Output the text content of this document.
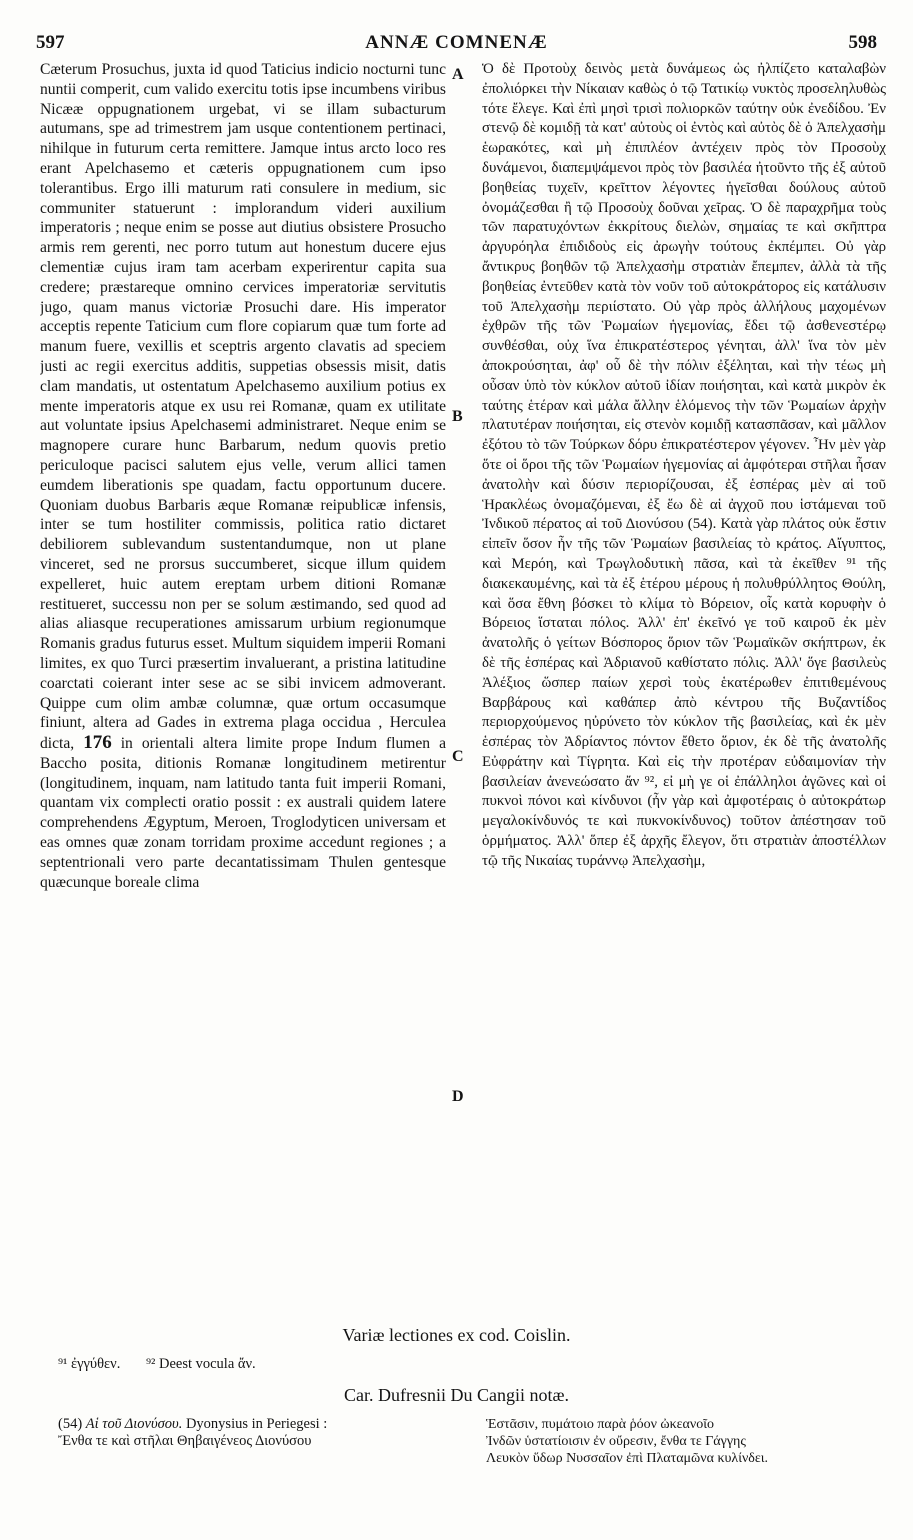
597	ANNÆ COMNENÆ	598

Cæterum Prosuchus, juxta id quod Taticius indicio nocturni tunc nuntii comperit, cum valido exercitu totis ipse incumbens viribus Nicææ oppugnationem urgebat, vi se illam subacturum autumans, spe ad trimestrem jam usque contentionem pertinaci, nihilque in futurum certa remittere. Jamque intus arcto loco res erant Apelchasemo et cæteris oppugnationem cum ipso tolerantibus. Ergo illi maturum rati consulere in medium, sic communiter statuerunt : implorandum videri auxilium imperatoris ; neque enim se posse aut diutius obsistere Prosucho armis rem gerenti, nec porro tutum aut honestum ducere ejus clementiæ cujus iram tam acerbam experirentur capita sua credere; præstareque omnino cervices imperatoriæ servitutis jugo, quam manus victoriæ Prosuchi dare. His imperator acceptis repente Taticium cum flore copiarum quæ tum forte ad manum fuere, vexillis et sceptris argento clavatis ad speciem justi ac regii exercitus additis, suppetias obsessis misit, datis clam mandatis, ut ostentatum Apelchasemo auxilium potius ex mente imperatoris atque ex usu rei Romanæ, quam ex utilitate aut voluntate ipsius Apelchasemi administraret. Neque enim se magnopere curare hunc Barbarum, nedum quovis pretio periculoque pacisci salutem ejus velle, verum allici tamen eumdem liberationis spe quadam, factu opportunum ducere. Quoniam duobus Barbaris æque Romanæ reipublicæ infensis, inter se tum hostiliter commissis, politica ratio dictaret debiliorem sublevandum sustentandumque, non ut plane vinceret, sed ne prorsus succumberet, sicque illum quidem expelleret, huic autem ereptam urbem ditioni Romanæ restitueret, successu non per se solum æstimando, sed quod ad alias aliasque recuperationes amissarum urbium regionumque Romanis gradus futurus esset. Multum siquidem imperii Romani limites, ex quo Turci præsertim invaluerant, a pristina latitudine coarctati coierant inter sese ac se sibi invicem admoverant. Quippe cum olim ambæ columnæ, quæ ortum occasumque finiunt, altera ad Gades in extrema plaga occidua , Herculea dicta, 176 in orientali altera limite prope Indum flumen a Baccho posita, ditionis Romanæ longitudinem metirentur (longitudinem, inquam, nam latitudo tanta fuit imperii Romani, quantam vix complecti oratio possit : ex australi quidem latere comprehendens Ægyptum, Meroen, Troglodyticen universam et eas omnes quæ zonam torridam proxime accedunt regiones ; a septentrionali vero parte decantatissimam Thulen gentesque quæcunque boreale clima

A
B
C
D

Ὁ δὲ Προτοὺχ δεινὸς μετὰ δυνάμεως ὡς ἠλπίζετο καταλαβὼν ἐπολιόρκει τὴν Νίκαιαν καθὼς ὁ τῷ Τατικίῳ νυκτὸς προσεληλυθὼς τότε ἔλεγε. Καὶ ἐπὶ μησὶ τρισὶ πολιορκῶν ταύτην οὐκ ἐνεδίδου. Ἐν στενῷ δὲ κομιδῇ τὰ κατ' αὐτοὺς οἱ ἐντὸς καὶ αὐτὸς δὲ ὁ Ἀπελχασὴμ ἑωρακότες, καὶ μὴ ἐπιπλέον ἀντέχειν πρὸς τὸν Προσοὺχ δυνάμενοι, διαπεμψάμενοι πρὸς τὸν βασιλέα ἠτοῦντο τῆς ἐξ αὐτοῦ βοηθείας τυχεῖν, κρεῖττον λέγοντες ἡγεῖσθαι δούλους αὐτοῦ ὀνομάζεσθαι ἢ τῷ Προσοὺχ δοῦναι χεῖρας. Ὁ δὲ παραχρῆμα τοὺς τῶν παρατυχόντων ἐκκρίτους διελὼν, σημαίας τε καὶ σκῆπτρα ἀργυρόηλα ἐπιδιδοὺς εἰς ἀρωγὴν τούτους ἐκπέμπει. Οὐ γὰρ ἄντικρυς βοηθῶν τῷ Ἀπελχασὴμ στρατιὰν ἔπεμπεν, ἀλλὰ τὰ τῆς βοηθείας ἐντεῦθεν κατὰ τὸν νοῦν τοῦ αὐτοκράτορος εἰς κατάλυσιν τοῦ Ἀπελχασὴμ περιίστατο. Οὐ γὰρ πρὸς ἀλλήλους μαχομένων ἐχθρῶν τῆς τῶν Ῥωμαίων ἡγεμονίας, ἔδει τῷ ἀσθενεστέρῳ συνθέσθαι, οὐχ ἵνα ἐπικρατέστερος γένηται, ἀλλ' ἵνα τὸν μὲν ἀποκρούσηται, ἀφ' οὗ δὲ τὴν πόλιν ἐξέληται, καὶ τὴν τέως μὴ οὖσαν ὑπὸ τὸν κύκλον αὐτοῦ ἰδίαν ποιήσηται, καὶ κατὰ μικρὸν ἐκ ταύτης ἑτέραν καὶ μάλα ἄλλην ἑλόμενος τὴν τῶν Ῥωμαίων ἀρχὴν πλατυτέραν ποιήσηται, εἰς στενὸν κομιδῇ κατασπᾶσαν, καὶ μᾶλλον ἐξότου τὸ τῶν Τούρκων δόρυ ἐπικρατέστερον γέγονεν. Ἦν μὲν γὰρ ὅτε οἱ ὅροι τῆς τῶν Ῥωμαίων ἡγεμονίας αἱ ἀμφότεραι στῆλαι ἦσαν ἀνατολὴν καὶ δύσιν περιορίζουσαι, ἐξ ἑσπέρας μὲν αἱ τοῦ Ἡρακλέως ὀνομαζόμεναι, ἐξ ἕω δὲ αἱ ἀγχοῦ που ἱστάμεναι τοῦ Ἰνδικοῦ πέρατος αἱ τοῦ Διονύσου (54). Κατὰ γὰρ πλάτος οὐκ ἔστιν εἰπεῖν ὅσον ἦν τῆς τῶν Ῥωμαίων βασιλείας τὸ κράτος. Αἴγυπτος, καὶ Μερόη, καὶ Τρωγλοδυτικὴ πᾶσα, καὶ τὰ ἐκεῖθεν ⁹¹ τῆς διακεκαυμένης, καὶ τὰ ἐξ ἑτέρου μέρους ἡ πολυθρύλλητος Θούλη, καὶ ὅσα ἔθνη βόσκει τὸ κλίμα τὸ Βόρειον, οἷς κατὰ κορυφὴν ὁ Βόρειος ἵσταται πόλος. Ἀλλ' ἐπ' ἐκεῖνό γε τοῦ καιροῦ ἐκ μὲν ἀνατολῆς ὁ γείτων Βόσπορος ὅριον τῶν Ῥωμαϊκῶν σκήπτρων, ἐκ δὲ τῆς ἑσπέρας καὶ Ἀδριανοῦ καθίστατο πόλις. Ἀλλ' ὅγε βασιλεὺς Ἀλέξιος ὥσπερ παίων χερσὶ τοὺς ἑκατέρωθεν ἐπιτιθεμένους Βαρβάρους καὶ καθάπερ ἀπὸ κέντρου τῆς Βυζαντίδος περιορχούμενος ηὐρύνετο τὸν κύκλον τῆς βασιλείας, καὶ ἐκ μὲν ἑσπέρας τὸν Ἀδρίαντος πόντον ἔθετο ὅριον, ἐκ δὲ τῆς ἀνατολῆς Εὐφράτην καὶ Τίγρητα. Καὶ εἰς τὴν προτέραν εὐδαιμονίαν τὴν βασιλείαν ἀνενεώσατο ἄν ⁹², εἰ μὴ γε οἱ ἐπάλληλοι ἀγῶνες καὶ οἱ πυκνοὶ πόνοι καὶ κίνδυνοι (ἦν γὰρ καὶ ἀμφοτέραις ὁ αὐτοκράτωρ μεγαλοκίνδυνός τε καὶ πυκνοκίνδυνος) τοῦτον ἀπέστησαν τοῦ ὁρμήματος. Ἀλλ' ὅπερ ἐξ ἀρχῆς ἔλεγον, ὅτι στρατιὰν ἀποστέλλων τῷ τῆς Νικαίας τυράννῳ Ἀπελχασὴμ,

Variæ lectiones ex cod. Coislin.
⁹¹ ἐγγύθεν. ⁹² Deest vocula ἄν.
Car. Dufresnii Du Cangii notæ.
(54) Αἱ τοῦ Διονύσου. Dyonysius in Periegesi :
Ἔνθα τε καὶ στῆλαι Θηβαιγένεος Διονύσου
Ἑστᾶσιν, πυμάτοιο παρὰ ῥόον ὠκεανοῖο
Ἰνδῶν ὑστατίοισιν ἐν οὔρεσιν, ἔνθα τε Γάγγης
Λευκὸν ὕδωρ Νυσσαῖον ἐπὶ Πλαταμῶνα κυλίνδει.
